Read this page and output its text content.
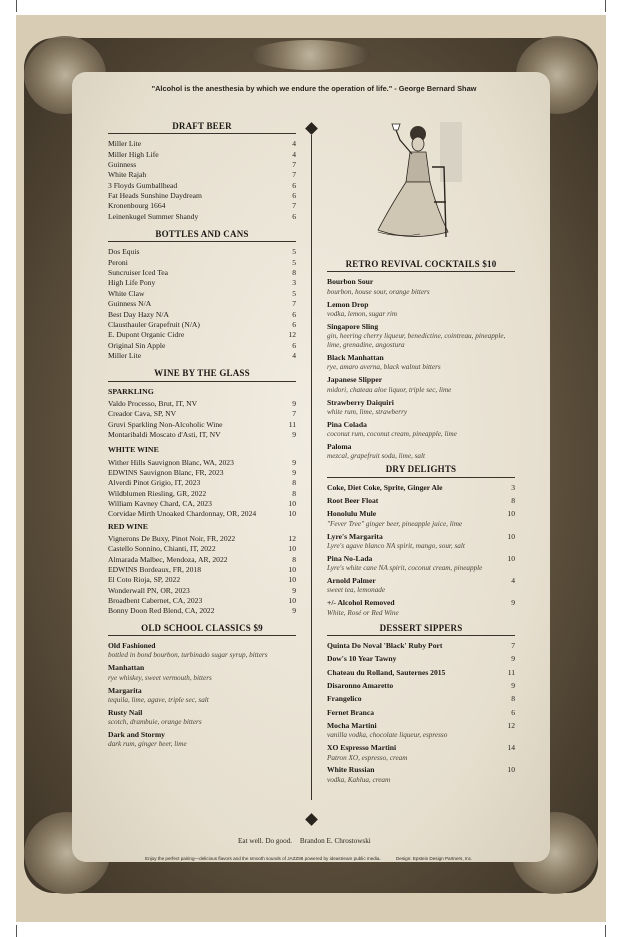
"Alcohol is the anesthesia by which we endure the operation of life." - George Bernard Shaw
DRAFT BEER
Miller Lite	4
Miller High Life	4
Guinness	7
White Rajah	7
3 Floyds Gumballhead	6
Fat Heads Sunshine Daydream	6
Kronenbourg 1664	7
Leinenkugel Summer Shandy	6
BOTTLES AND CANS
Dos Equis	5
Peroni	5
Suncruiser Iced Tea	8
High Life Pony	3
White Claw	5
Guinness N/A	7
Best Day Hazy N/A	6
Clausthauler Grapefruit (N/A)	6
E. Dupont Organic Cidre	12
Original Sin Apple	6
Miller Lite	4
WINE BY THE GLASS
SPARKLING
Valdo Processo, Brut, IT, NV	9
Creador Cava, SP, NV	7
Gruvi Sparkling Non-Alcoholic Wine	11
Montaribaldi Moscato d'Asti, IT, NV	9
WHITE WINE
Wither Hills Sauvignon Blanc, WA, 2023	9
EDWINS Sauvignon Blanc, FR, 2023	9
Alverdi Pinot Grigio, IT, 2023	8
Wildblumen Riesling, GR, 2022	8
William Kavney Chard, CA, 2023	10
Corvidae Mirth Unoaked Chardonnay, OR, 2024	10
RED WINE
Vignerons De Buxy, Pinot Noir, FR, 2022	12
Castello Sonnino, Chianti, IT, 2022	10
Almarada Malbec, Mendoza, AR, 2022	8
EDWINS Bordeaux, FR, 2018	10
El Coto Rioja, SP, 2022	10
Wonderwall PN, OR, 2023	9
Broadbent Cabernet, CA, 2023	10
Bonny Doon Red Blend, CA, 2022	9
OLD SCHOOL CLASSICS $9
Old Fashioned
bottled in bond bourbon, turbinado sugar syrup, bitters
Manhattan
rye whiskey, sweet vermouth, bitters
Margarita
tequila, lime, agave, triple sec, salt
Rusty Nail
scotch, drambuie, orange bitters
Dark and Stormy
dark rum, ginger beer, lime
RETRO REVIVAL COCKTAILS $10
Bourbon Sour
bourbon, house sour, orange bitters
Lemon Drop
vodka, lemon, sugar rim
Singapore Sling
gin, heering cherry liqueur, benedictine, cointreau, pineapple, lime, grenadine, angostura
Black Manhattan
rye, amaro averna, black walnut bitters
Japanese Slipper
midori, chateau aloe liquor, triple sec, lime
Strawberry Daiquiri
white rum, lime, strawberry
Pina Colada
coconut rum, coconut cream, pineapple, lime
Paloma
mezcal, grapefruit soda, lime, salt
DRY DELIGHTS
Coke, Diet Coke, Sprite, Ginger Ale	3
Root Beer Float	8
Honolulu Mule	10
"Fever Tree" ginger beer, pineapple juice, lime
Lyre's Margarita	10
Lyre's agave blanco NA spirit, mango, sour, salt
Pina No-Lada	10
Lyre's white cane NA spirit, coconut cream, pineapple
Arnold Palmer	4
sweet tea, lemonade
+/- Alcohol Removed	9
White, Rosé or Red Wine
DESSERT SIPPERS
Quinta Do Noval 'Black' Ruby Port	7
Dow's 10 Year Tawny	9
Chateau du Rolland, Sauternes 2015	11
Disaronno Amaretto	9
Frangelico	8
Fernet Branca	6
Mocha Martini	12
vanilla vodka, chocolate liqueur, espresso
XO Espresso Martini	14
Patron XO, espresso, cream
White Russian	10
vodka, Kahlua, cream
Eat well. Do good. Brandon E. Chrostowski
Enjoy the perfect pairing—delicious flavors and the smooth sounds of JAZZ88 powered by ideastream public media.	Design: Epstein Design Partners, Inc.
